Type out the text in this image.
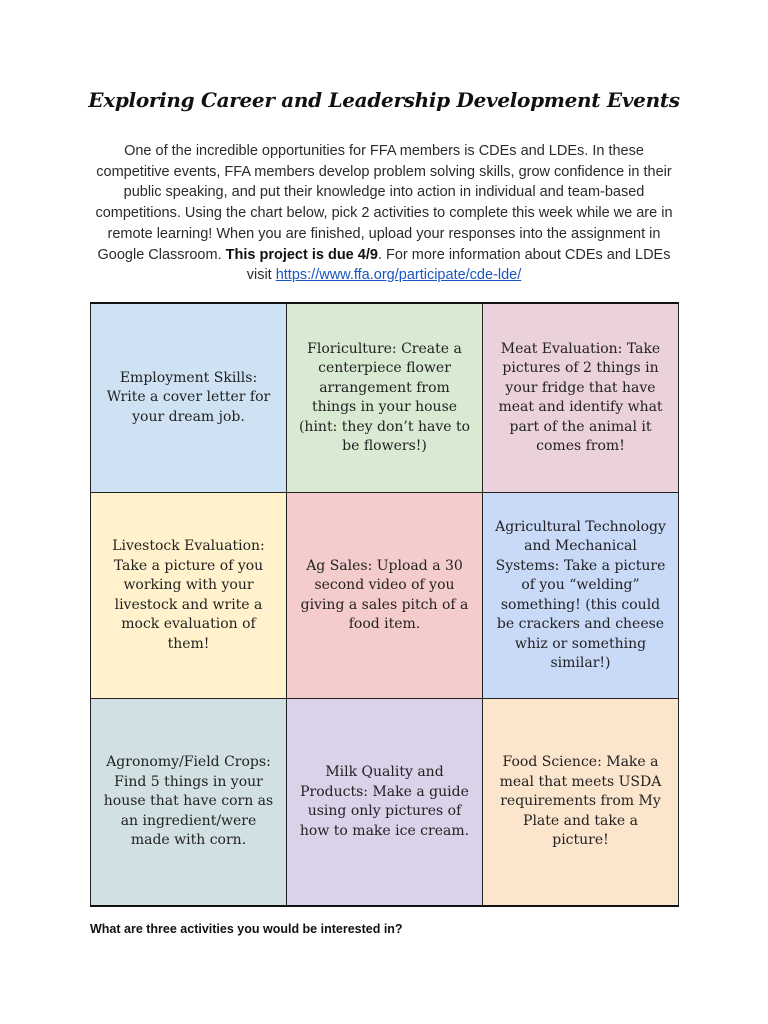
Exploring Career and Leadership Development Events
One of the incredible opportunities for FFA members is CDEs and LDEs. In these competitive events, FFA members develop problem solving skills, grow confidence in their public speaking, and put their knowledge into action in individual and team-based competitions. Using the chart below, pick 2 activities to complete this week while we are in remote learning! When you are finished, upload your responses into the assignment in Google Classroom. This project is due 4/9. For more information about CDEs and LDEs visit https://www.ffa.org/participate/cde-lde/
Employment Skills: Write a cover letter for your dream job.	Floriculture: Create a centerpiece flower arrangement from things in your house (hint: they don’t have to be flowers!)	Meat Evaluation: Take pictures of 2 things in your fridge that have meat and identify what part of the animal it comes from!
Livestock Evaluation: Take a picture of you working with your livestock and write a mock evaluation of them!	Ag Sales: Upload a 30 second video of you giving a sales pitch of a food item.	Agricultural Technology and Mechanical Systems: Take a picture of you “welding” something! (this could be crackers and cheese whiz or something similar!)
Agronomy/Field Crops: Find 5 things in your house that have corn as an ingredient/were made with corn.	Milk Quality and Products: Make a guide using only pictures of how to make ice cream.	Food Science: Make a meal that meets USDA requirements from My Plate and take a picture!
What are three activities you would be interested in?
